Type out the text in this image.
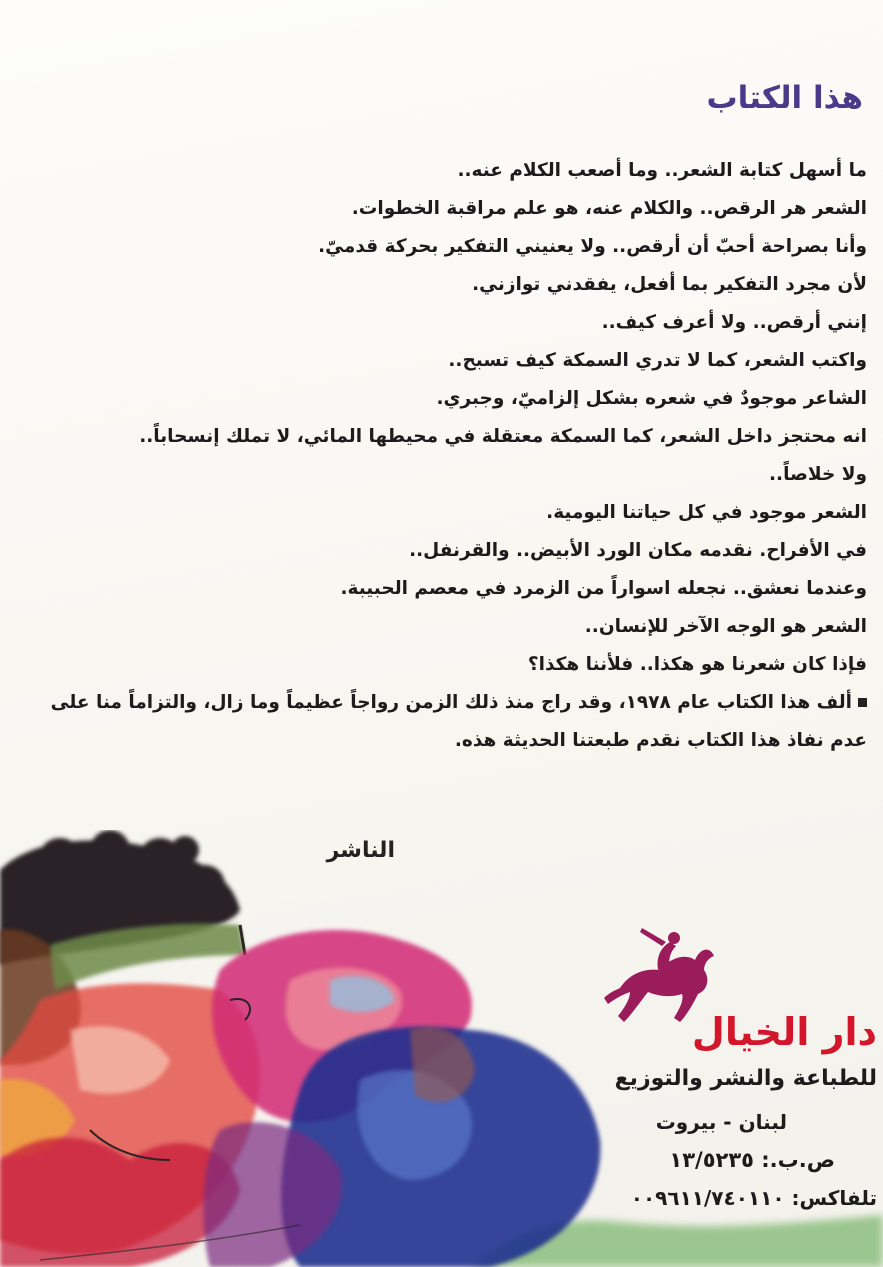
هذا الكتاب

ما أسهل كتابة الشعر.. وما أصعب الكلام عنه..

الشعر هر الرقص.. والكلام عنه، هو علم مراقبة الخطوات.

وأنا بصراحة أحبّ أن أرقص.. ولا يعنيني التفكير بحركة قدميّ.

لأن مجرد التفكير بما أفعل، يفقدني توازني.

إنني أرقص.. ولا أعرف كيف..

واكتب الشعر، كما لا تدري السمكة كيف تسبح..

الشاعر موجودٌ في شعره بشكل إلزاميّ، وجبري.

انه محتجز داخل الشعر، كما السمكة معتقلة في محيطها المائي، لا تملك إنسحاباً..

ولا خلاصاً..

الشعر موجود في كل حياتنا اليومية.

في الأفراح. نقدمه مكان الورد الأبيض.. والقرنفل..

وعندما نعشق.. نجعله اسواراً من الزمرد في معصم الحبيبة.

الشعر هو الوجه الآخر للإنسان..

فإذا كان شعرنا هو هكذا.. فلأننا هكذا؟

ألف هذا الكتاب عام ١٩٧٨، وقد راج منذ ذلك الزمن رواجاً عظيماً وما زال، والتزاماً منا على عدم نفاذ هذا الكتاب نقدم طبعتنا الحديثة هذه.

الناشر
دار الخيال
للطباعة والنشر والتوزيع
لبنان - بيروت
ص.ب.: ١٣/٥٢٣٥
تلفاكس: ٠٠٩٦١١/٧٤٠١١٠
